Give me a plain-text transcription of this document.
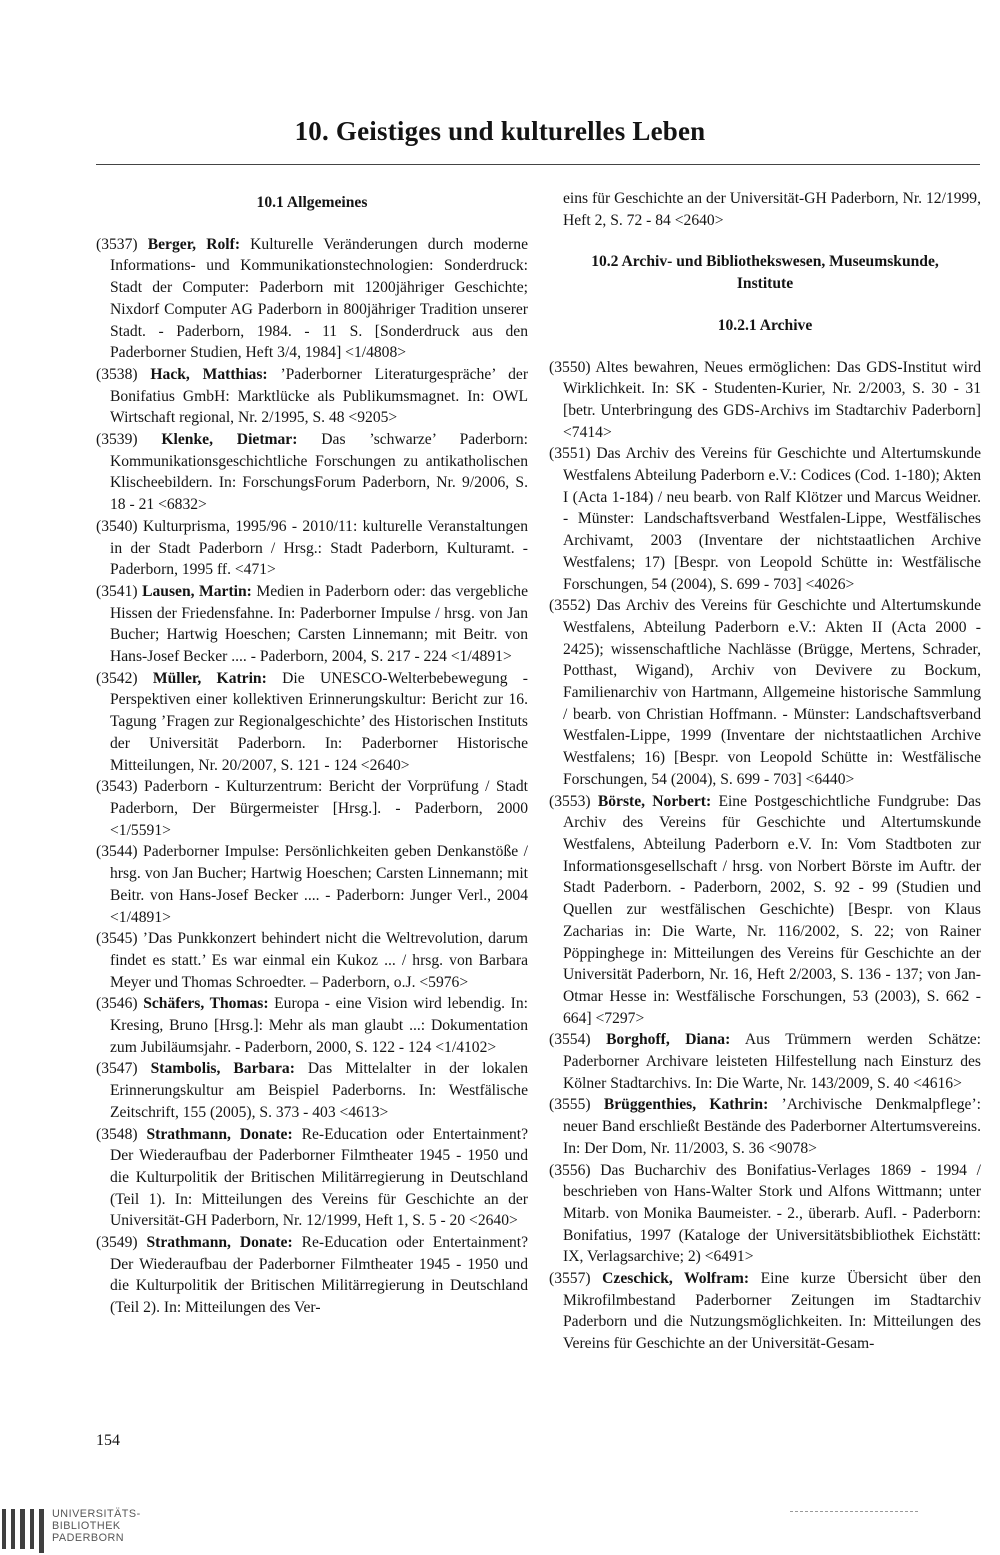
10. Geistiges und kulturelles Leben

10.1 Allgemeines

(3537) Berger, Rolf: Kulturelle Veränderungen durch moderne Informations- und Kommunikationstechnologien: Sonderdruck: Stadt der Computer: Paderborn mit 1200jähriger Geschichte; Nixdorf Computer AG Paderborn in 800jähriger Tradition unserer Stadt. - Paderborn, 1984. - 11 S. [Sonderdruck aus den Paderborner Studien, Heft 3/4, 1984] <1/4808>

(3538) Hack, Matthias: ’Paderborner Literaturgespräche’ der Bonifatius GmbH: Marktlücke als Publikumsmagnet. In: OWL Wirtschaft regional, Nr. 2/1995, S. 48 <9205>

(3539) Klenke, Dietmar: Das ’schwarze’ Paderborn: Kommunikationsgeschichtliche Forschungen zu antikatholischen Klischeebildern. In: ForschungsForum Paderborn, Nr. 9/2006, S. 18 - 21 <6832>

(3540) Kulturprisma, 1995/96 - 2010/11: kulturelle Veranstaltungen in der Stadt Paderborn / Hrsg.: Stadt Paderborn, Kulturamt. - Paderborn, 1995 ff. <471>

(3541) Lausen, Martin: Medien in Paderborn oder: das vergebliche Hissen der Friedensfahne. In: Paderborner Impulse / hrsg. von Jan Bucher; Hartwig Hoeschen; Carsten Linnemann; mit Beitr. von Hans-Josef Becker .... - Paderborn, 2004, S. 217 - 224 <1/4891>

(3542) Müller, Katrin: Die UNESCO-Welterbebewegung - Perspektiven einer kollektiven Erinnerungskultur: Bericht zur 16. Tagung ’Fragen zur Regionalgeschichte’ des Historischen Instituts der Universität Paderborn. In: Paderborner Historische Mitteilungen, Nr. 20/2007, S. 121 - 124 <2640>

(3543) Paderborn - Kulturzentrum: Bericht der Vorprüfung / Stadt Paderborn, Der Bürgermeister [Hrsg.]. - Paderborn, 2000 <1/5591>

(3544) Paderborner Impulse: Persönlichkeiten geben Denkanstöße / hrsg. von Jan Bucher; Hartwig Hoeschen; Carsten Linnemann; mit Beitr. von Hans-Josef Becker .... - Paderborn: Junger Verl., 2004 <1/4891>

(3545) ’Das Punkkonzert behindert nicht die Weltrevolution, darum findet es statt.’ Es war einmal ein Kukoz ... / hrsg. von Barbara Meyer und Thomas Schroedter. – Paderborn, o.J. <5976>

(3546) Schäfers, Thomas: Europa - eine Vision wird lebendig. In: Kresing, Bruno [Hrsg.]: Mehr als man glaubt ...: Dokumentation zum Jubiläumsjahr. - Paderborn, 2000, S. 122 - 124 <1/4102>

(3547) Stambolis, Barbara: Das Mittelalter in der lokalen Erinnerungskultur am Beispiel Paderborns. In: Westfälische Zeitschrift, 155 (2005), S. 373 - 403 <4613>

(3548) Strathmann, Donate: Re-Education oder Entertainment? Der Wiederaufbau der Paderborner Filmtheater 1945 - 1950 und die Kulturpolitik der Britischen Militärregierung in Deutschland (Teil 1). In: Mitteilungen des Vereins für Geschichte an der Universität-GH Paderborn, Nr. 12/1999, Heft 1, S. 5 - 20 <2640>

(3549) Strathmann, Donate: Re-Education oder Entertainment? Der Wiederaufbau der Paderborner Filmtheater 1945 - 1950 und die Kulturpolitik der Britischen Militärregierung in Deutschland (Teil 2). In: Mitteilungen des Ver-

eins für Geschichte an der Universität-GH Paderborn, Nr. 12/1999, Heft 2, S. 72 - 84 <2640>

10.2 Archiv- und Bibliothekswesen, Museumskunde, Institute

10.2.1 Archive

(3550) Altes bewahren, Neues ermöglichen: Das GDS-Institut wird Wirklichkeit. In: SK - Studenten-Kurier, Nr. 2/2003, S. 30 - 31 [betr. Unterbringung des GDS-Archivs im Stadtarchiv Paderborn] <7414>

(3551) Das Archiv des Vereins für Geschichte und Altertumskunde Westfalens Abteilung Paderborn e.V.: Codices (Cod. 1-180); Akten I (Acta 1-184) / neu bearb. von Ralf Klötzer und Marcus Weidner. - Münster: Landschaftsverband Westfalen-Lippe, Westfälisches Archivamt, 2003 (Inventare der nichtstaatlichen Archive Westfalens; 17) [Bespr. von Leopold Schütte in: Westfälische Forschungen, 54 (2004), S. 699 - 703] <4026>

(3552) Das Archiv des Vereins für Geschichte und Altertumskunde Westfalens, Abteilung Paderborn e.V.: Akten II (Acta 2000 - 2425); wissenschaftliche Nachlässe (Brügge, Mertens, Schrader, Potthast, Wigand), Archiv von Devivere zu Bockum, Familienarchiv von Hartmann, Allgemeine historische Sammlung / bearb. von Christian Hoffmann. - Münster: Landschaftsverband Westfalen-Lippe, 1999 (Inventare der nichtstaatlichen Archive Westfalens; 16) [Bespr. von Leopold Schütte in: Westfälische Forschungen, 54 (2004), S. 699 - 703] <6440>

(3553) Börste, Norbert: Eine Postgeschichtliche Fundgrube: Das Archiv des Vereins für Geschichte und Altertumskunde Westfalens, Abteilung Paderborn e.V. In: Vom Stadtboten zur Informationsgesellschaft / hrsg. von Norbert Börste im Auftr. der Stadt Paderborn. - Paderborn, 2002, S. 92 - 99 (Studien und Quellen zur westfälischen Geschichte) [Bespr. von Klaus Zacharias in: Die Warte, Nr. 116/2002, S. 22; von Rainer Pöppinghege in: Mitteilungen des Vereins für Geschichte an der Universität Paderborn, Nr. 16, Heft 2/2003, S. 136 - 137; von Jan-Otmar Hesse in: Westfälische Forschungen, 53 (2003), S. 662 - 664] <7297>

(3554) Borghoff, Diana: Aus Trümmern werden Schätze: Paderborner Archivare leisteten Hilfestellung nach Einsturz des Kölner Stadtarchivs. In: Die Warte, Nr. 143/2009, S. 40 <4616>

(3555) Brüggenthies, Kathrin: ’Archivische Denkmalpflege’: neuer Band erschließt Bestände des Paderborner Altertumsvereins. In: Der Dom, Nr. 11/2003, S. 36 <9078>

(3556) Das Bucharchiv des Bonifatius-Verlages 1869 - 1994 / beschrieben von Hans-Walter Stork und Alfons Wittmann; unter Mitarb. von Monika Baumeister. - 2., überarb. Aufl. - Paderborn: Bonifatius, 1997 (Kataloge der Universitätsbibliothek Eichstätt: IX, Verlagsarchive; 2) <6491>

(3557) Czeschick, Wolfram: Eine kurze Übersicht über den Mikrofilmbestand Paderborner Zeitungen im Stadtarchiv Paderborn und die Nutzungsmöglichkeiten. In: Mitteilungen des Vereins für Geschichte an der Universität-Gesam-

154
UNIVERSITÄTS-
BIBLIOTHEK
PADERBORN
